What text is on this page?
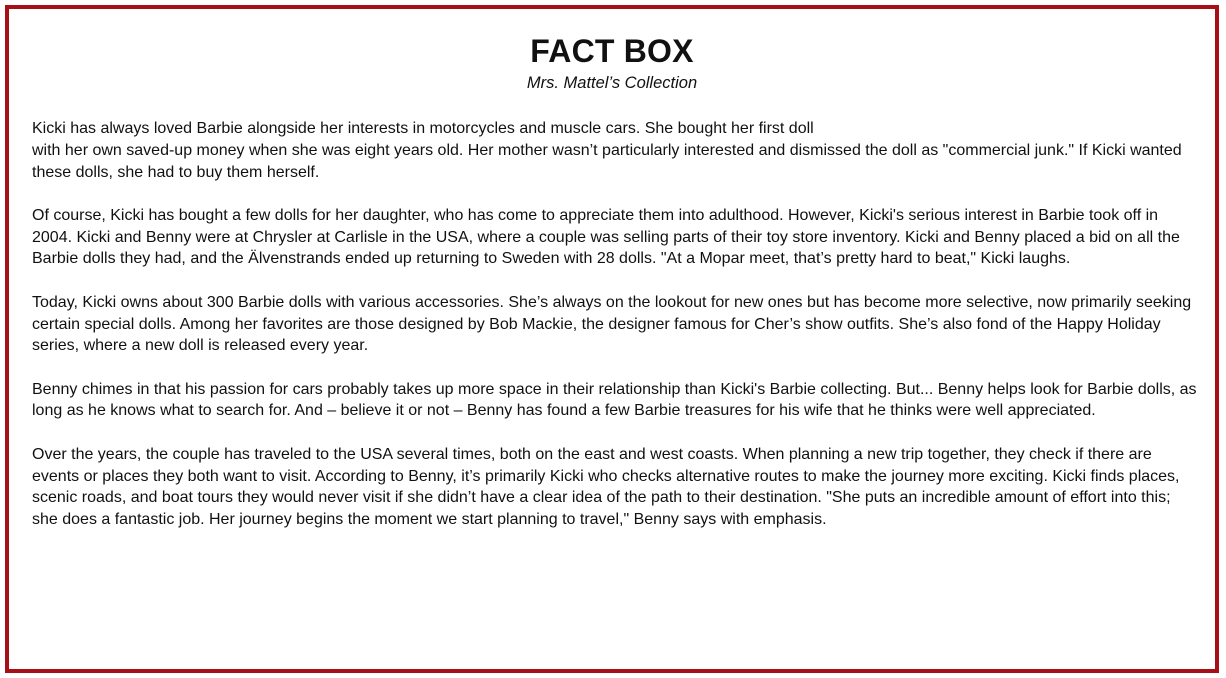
FACT BOX

Mrs. Mattel’s Collection

Kicki has always loved Barbie alongside her interests in motorcycles and muscle cars. She bought her first doll
with her own saved-up money when she was eight years old. Her mother wasn’t particularly interested and dismissed the doll as "commercial junk." If Kicki wanted these dolls, she had to buy them herself.

Of course, Kicki has bought a few dolls for her daughter, who has come to appreciate them into adulthood. However, Kicki's serious interest in Barbie took off in 2004. Kicki and Benny were at Chrysler at Carlisle in the USA, where a couple was selling parts of their toy store inventory. Kicki and Benny placed a bid on all the Barbie dolls they had, and the Älvenstrands ended up returning to Sweden with 28 dolls. "At a Mopar meet, that’s pretty hard to beat," Kicki laughs.

Today, Kicki owns about 300 Barbie dolls with various accessories. She’s always on the lookout for new ones but has become more selective, now primarily seeking certain special dolls. Among her favorites are those designed by Bob Mackie, the designer famous for Cher’s show outfits. She’s also fond of the Happy Holiday series, where a new doll is released every year.

Benny chimes in that his passion for cars probably takes up more space in their relationship than Kicki's Barbie collecting. But... Benny helps look for Barbie dolls, as long as he knows what to search for. And – believe it or not – Benny has found a few Barbie treasures for his wife that he thinks were well appreciated.

Over the years, the couple has traveled to the USA several times, both on the east and west coasts. When planning a new trip together, they check if there are events or places they both want to visit. According to Benny, it’s primarily Kicki who checks alternative routes to make the journey more exciting. Kicki finds places, scenic roads, and boat tours they would never visit if she didn’t have a clear idea of the path to their destination. "She puts an incredible amount of effort into this; she does a fantastic job. Her journey begins the moment we start planning to travel," Benny says with emphasis.
